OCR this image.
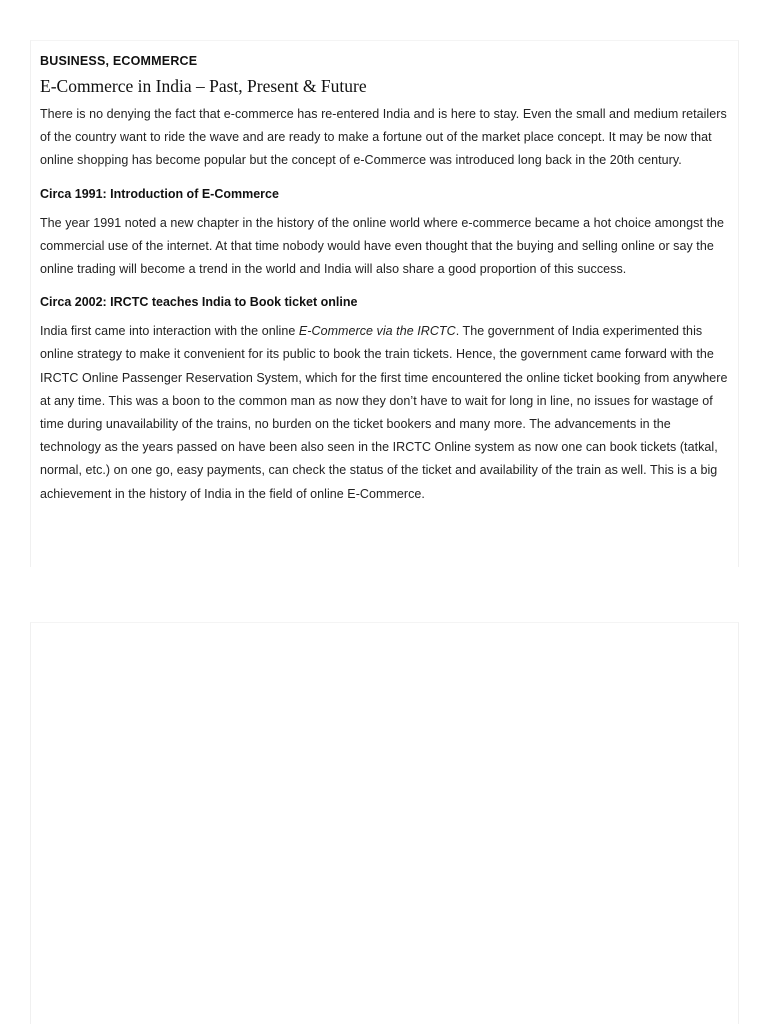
BUSINESS, ECOMMERCE
E-Commerce in India – Past, Present & Future

There is no denying the fact that e-commerce has re-entered India and is here to stay. Even the small and medium retailers of the country want to ride the wave and are ready to make a fortune out of the market place concept. It may be now that online shopping has become popular but the concept of e-Commerce was introduced long back in the 20th century.

Circa 1991: Introduction of E-Commerce

The year 1991 noted a new chapter in the history of the online world where e-commerce became a hot choice amongst the commercial use of the internet. At that time nobody would have even thought that the buying and selling online or say the online trading will become a trend in the world and India will also share a good proportion of this success.

Circa 2002: IRCTC teaches India to Book ticket online

India first came into interaction with the online E-Commerce via the IRCTC. The government of India experimented this online strategy to make it convenient for its public to book the train tickets. Hence, the government came forward with the IRCTC Online Passenger Reservation System, which for the first time encountered the online ticket booking from anywhere at any time. This was a boon to the common man as now they don’t have to wait for long in line, no issues for wastage of time during unavailability of the trains, no burden on the ticket bookers and many more. The advancements in the technology as the years passed on have been also seen in the IRCTC Online system as now one can book tickets (tatkal, normal, etc.) on one go, easy payments, can check the status of the ticket and availability of the train as well. This is a big achievement in the history of India in the field of online E-Commerce.
